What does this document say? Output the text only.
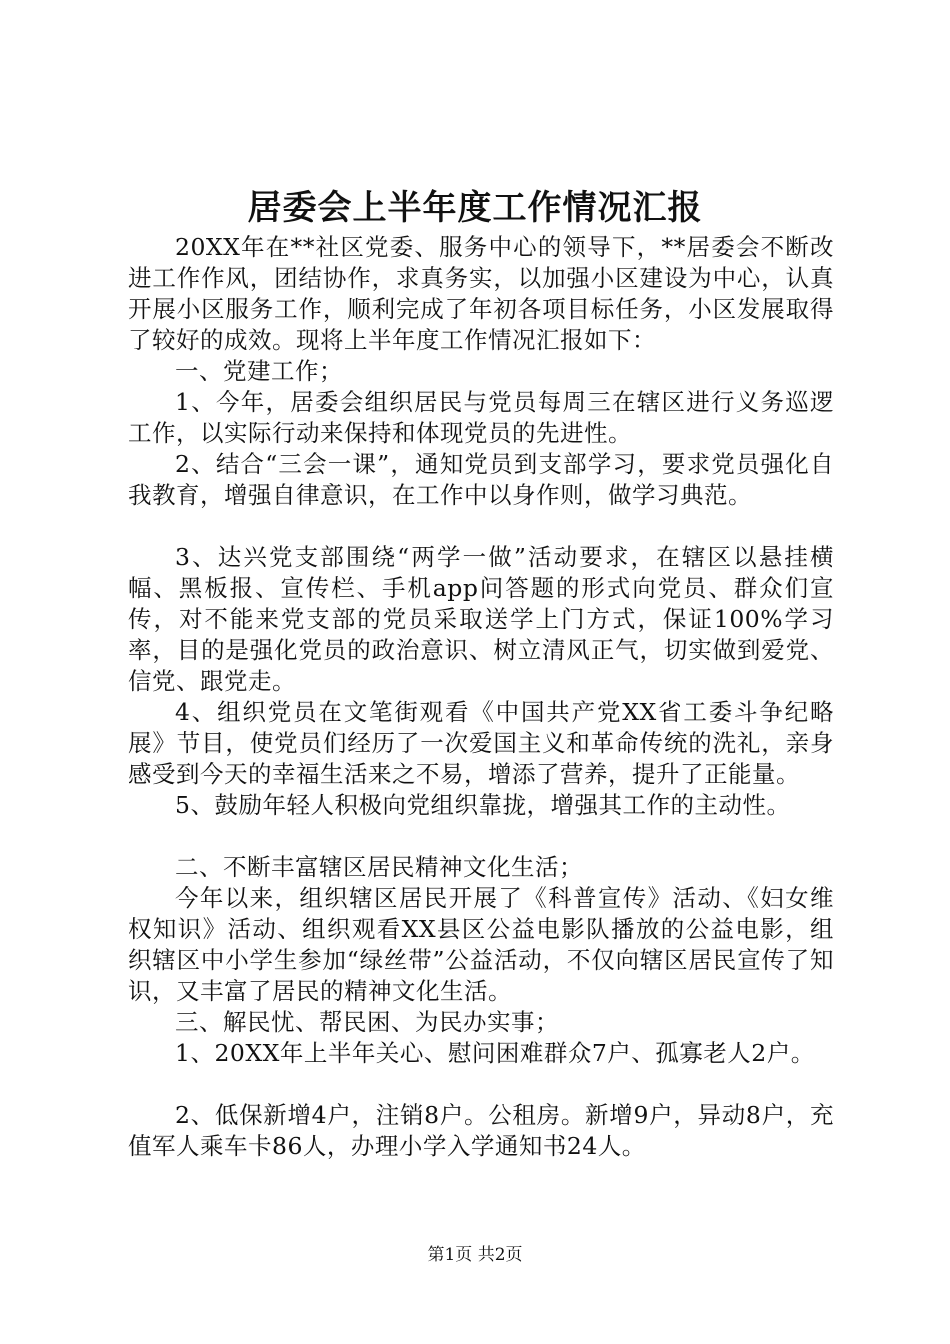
居委会上半年度工作情况汇报

20XX年在**社区党委、服务中心的领导下，**居委会不断改进工作作风，团结协作，求真务实，以加强小区建设为中心，认真开展小区服务工作，顺利完成了年初各项目标任务，小区发展取得了较好的成效。现将上半年度工作情况汇报如下：

一、党建工作；

1、今年，居委会组织居民与党员每周三在辖区进行义务巡逻工作，以实际行动来保持和体现党员的先进性。

2、结合“三会一课”，通知党员到支部学习，要求党员强化自我教育，增强自律意识，在工作中以身作则，做学习典范。

3、达兴党支部围绕“两学一做”活动要求，在辖区以悬挂横幅、黑板报、宣传栏、手机app问答题的形式向党员、群众们宣传，对不能来党支部的党员采取送学上门方式，保证100%学习率，目的是强化党员的政治意识、树立清风正气，切实做到爱党、信党、跟党走。

4、组织党员在文笔街观看《中国共产党XX省工委斗争纪略展》节目，使党员们经历了一次爱国主义和革命传统的洗礼，亲身感受到今天的幸福生活来之不易，增添了营养，提升了正能量。

5、鼓励年轻人积极向党组织靠拢，增强其工作的主动性。

二、不断丰富辖区居民精神文化生活；

今年以来，组织辖区居民开展了《科普宣传》活动、《妇女维权知识》活动、组织观看XX县区公益电影队播放的公益电影，组织辖区中小学生参加“绿丝带”公益活动，不仅向辖区居民宣传了知识，又丰富了居民的精神文化生活。

三、解民忧、帮民困、为民办实事；

1、20XX年上半年关心、慰问困难群众7户、孤寡老人2户。

2、低保新增4户，注销8户。公租房。新增9户，异动8户，充值军人乘车卡86人，办理小学入学通知书24人。

第1页 共2页
